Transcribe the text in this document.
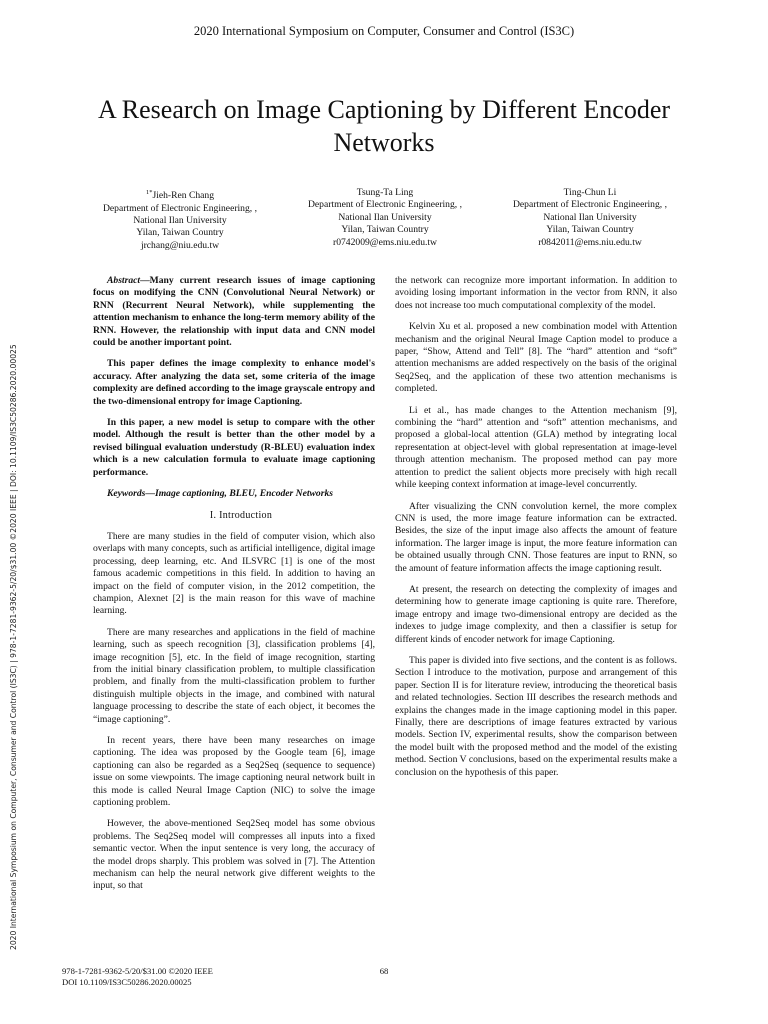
2020 International Symposium on Computer, Consumer and Control (IS3C)
A Research on Image Captioning by Different Encoder Networks
$^{1*}$Jieh-Ren Chang
Department of Electronic Engineering, ,
National Ilan University
Yilan, Taiwan Country
jrchang@niu.edu.tw
Tsung-Ta Ling
Department of Electronic Engineering, ,
National Ilan University
Yilan, Taiwan Country
r0742009@ems.niu.edu.tw
Ting-Chun Li
Department of Electronic Engineering, ,
National Ilan University
Yilan, Taiwan Country
r0842011@ems.niu.edu.tw
2020 International Symposium on Computer, Consumer and Control (IS3C) | 978-1-7281-9362-5/20/$31.00 ©2020 IEEE | DOI: 10.1109/IS3C50286.2020.00025

Abstract—Many current research issues of image captioning focus on modifying the CNN (Convolutional Neural Network) or RNN (Recurrent Neural Network), while supplementing the attention mechanism to enhance the long-term memory ability of the RNN. However, the relationship with input data and CNN model could be another important point.

This paper defines the image complexity to enhance model's accuracy. After analyzing the data set, some criteria of the image complexity are defined according to the image grayscale entropy and the two-dimensional entropy for image Captioning.

In this paper, a new model is setup to compare with the other model. Although the result is better than the other model by a revised bilingual evaluation understudy (R-BLEU) evaluation index which is a new calculation formula to evaluate image captioning performance.

Keywords—Image captioning, BLEU, Encoder Networks

I. Introduction

There are many studies in the field of computer vision, which also overlaps with many concepts, such as artificial intelligence, digital image processing, deep learning, etc. And ILSVRC [1] is one of the most famous academic competitions in this field. In addition to having an impact on the field of computer vision, in the 2012 competition, the champion, Alexnet [2] is the main reason for this wave of machine learning.

There are many researches and applications in the field of machine learning, such as speech recognition [3], classification problems [4], image recognition [5], etc. In the field of image recognition, starting from the initial binary classification problem, to multiple classification problem, and finally from the multi-classification problem to further distinguish multiple objects in the image, and combined with natural language processing to describe the state of each object, it becomes the “image captioning”.

In recent years, there have been many researches on image captioning. The idea was proposed by the Google team [6], image captioning can also be regarded as a Seq2Seq (sequence to sequence) issue on some viewpoints. The image captioning neural network built in this mode is called Neural Image Caption (NIC) to solve the image captioning problem.

However, the above-mentioned Seq2Seq model has some obvious problems. The Seq2Seq model will compresses all inputs into a fixed semantic vector. When the input sentence is very long, the accuracy of the model drops sharply. This problem was solved in [7]. The Attention mechanism can help the neural network give different weights to the input, so that

the network can recognize more important information. In addition to avoiding losing important information in the vector from RNN, it also does not increase too much computational complexity of the model.

Kelvin Xu et al. proposed a new combination model with Attention mechanism and the original Neural Image Caption model to produce a paper, “Show, Attend and Tell” [8]. The “hard” attention and “soft” attention mechanisms are added respectively on the basis of the original Seq2Seq, and the application of these two attention mechanisms is completed.

Li et al., has made changes to the Attention mechanism [9], combining the “hard” attention and “soft” attention mechanisms, and proposed a global-local attention (GLA) method by integrating local representation at object-level with global representation at image-level through attention mechanism. The proposed method can pay more attention to predict the salient objects more precisely with high recall while keeping context information at image-level concurrently.

After visualizing the CNN convolution kernel, the more complex CNN is used, the more image feature information can be extracted. Besides, the size of the input image also affects the amount of feature information. The larger image is input, the more feature information can be obtained usually through CNN. Those features are input to RNN, so the amount of feature information affects the image captioning result.

At present, the research on detecting the complexity of images and determining how to generate image captioning is quite rare. Therefore, image entropy and image two-dimensional entropy are decided as the indexes to judge image complexity, and then a classifier is setup for different kinds of encoder network for image Captioning.

This paper is divided into five sections, and the content is as follows. Section I introduce to the motivation, purpose and arrangement of this paper. Section II is for literature review, introducing the theoretical basis and related technologies. Section III describes the research methods and explains the changes made in the image captioning model in this paper. Finally, there are descriptions of image features extracted by various models. Section IV, experimental results, show the comparison between the model built with the proposed method and the model of the existing method. Section V conclusions, based on the experimental results make a conclusion on the hypothesis of this paper.

978-1-7281-9362-5/20/$31.00 ©2020 IEEE
DOI 10.1109/IS3C50286.2020.00025
68
